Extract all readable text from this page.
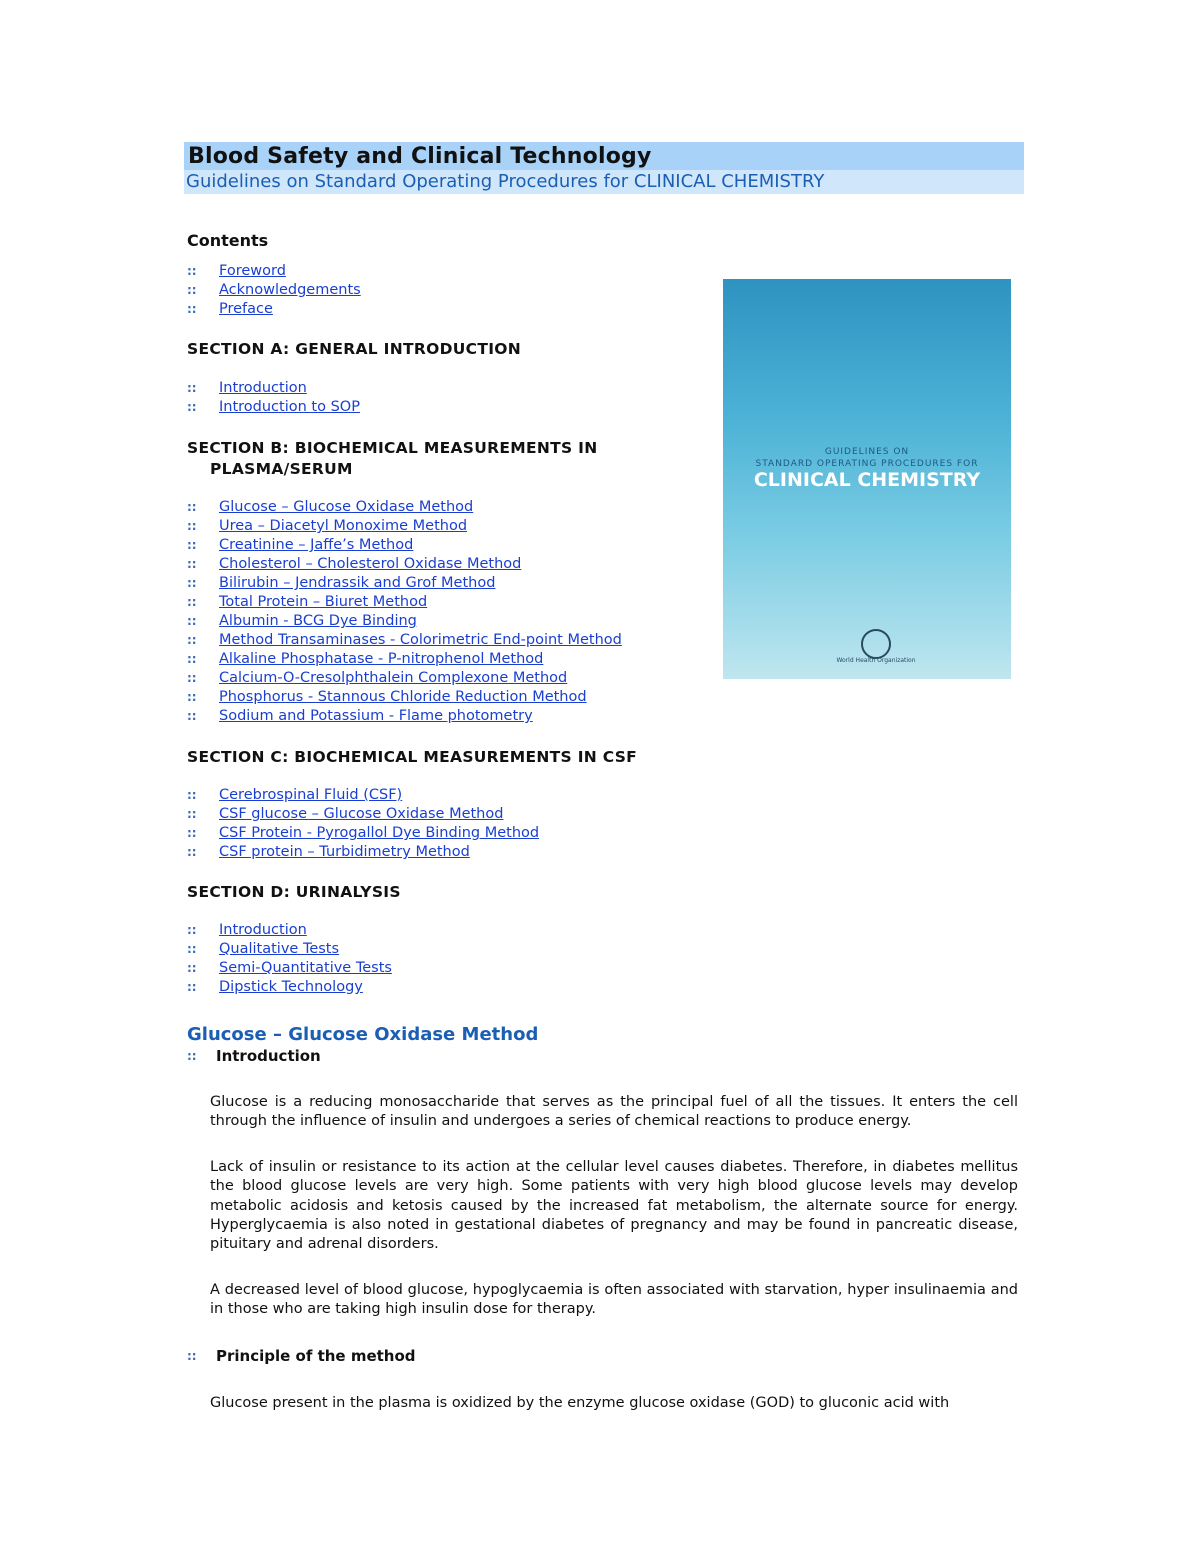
Blood Safety and Clinical Technology
Guidelines on Standard Operating Procedures for CLINICAL CHEMISTRY
Contents
:: Foreword
:: Acknowledgements
:: Preface
SECTION A: GENERAL INTRODUCTION
:: Introduction
:: Introduction to SOP
SECTION B: BIOCHEMICAL MEASUREMENTS IN
PLASMA/SERUM
:: Glucose – Glucose Oxidase Method
:: Urea – Diacetyl Monoxime Method
:: Creatinine – Jaffe’s Method
:: Cholesterol – Cholesterol Oxidase Method
:: Bilirubin – Jendrassik and Grof Method
:: Total Protein – Biuret Method
:: Albumin - BCG Dye Binding
:: Method Transaminases - Colorimetric End-point Method
:: Alkaline Phosphatase - P-nitrophenol Method
:: Calcium-O-Cresolphthalein Complexone Method
:: Phosphorus - Stannous Chloride Reduction Method
:: Sodium and Potassium - Flame photometry
SECTION C: BIOCHEMICAL MEASUREMENTS IN CSF
:: Cerebrospinal Fluid (CSF)
:: CSF glucose – Glucose Oxidase Method
:: CSF Protein - Pyrogallol Dye Binding Method
:: CSF protein – Turbidimetry Method
SECTION D: URINALYSIS
:: Introduction
:: Qualitative Tests
:: Semi-Quantitative Tests
:: Dipstick Technology
GUIDELINES ON
STANDARD OPERATING PROCEDURES FOR
CLINICAL CHEMISTRY
World Health Organization
Glucose – Glucose Oxidase Method
:: Introduction
Glucose is a reducing monosaccharide that serves as the principal fuel of all the tissues. It enters the cell through the influence of insulin and undergoes a series of chemical reactions to produce energy.
Lack of insulin or resistance to its action at the cellular level causes diabetes. Therefore, in diabetes mellitus the blood glucose levels are very high. Some patients with very high blood glucose levels may develop metabolic acidosis and ketosis caused by the increased fat metabolism, the alternate source for energy. Hyperglycaemia is also noted in gestational diabetes of pregnancy and may be found in pancreatic disease, pituitary and adrenal disorders.
A decreased level of blood glucose, hypoglycaemia is often associated with starvation, hyper insulinaemia and in those who are taking high insulin dose for therapy.
:: Principle of the method
Glucose present in the plasma is oxidized by the enzyme glucose oxidase (GOD) to gluconic acid with
